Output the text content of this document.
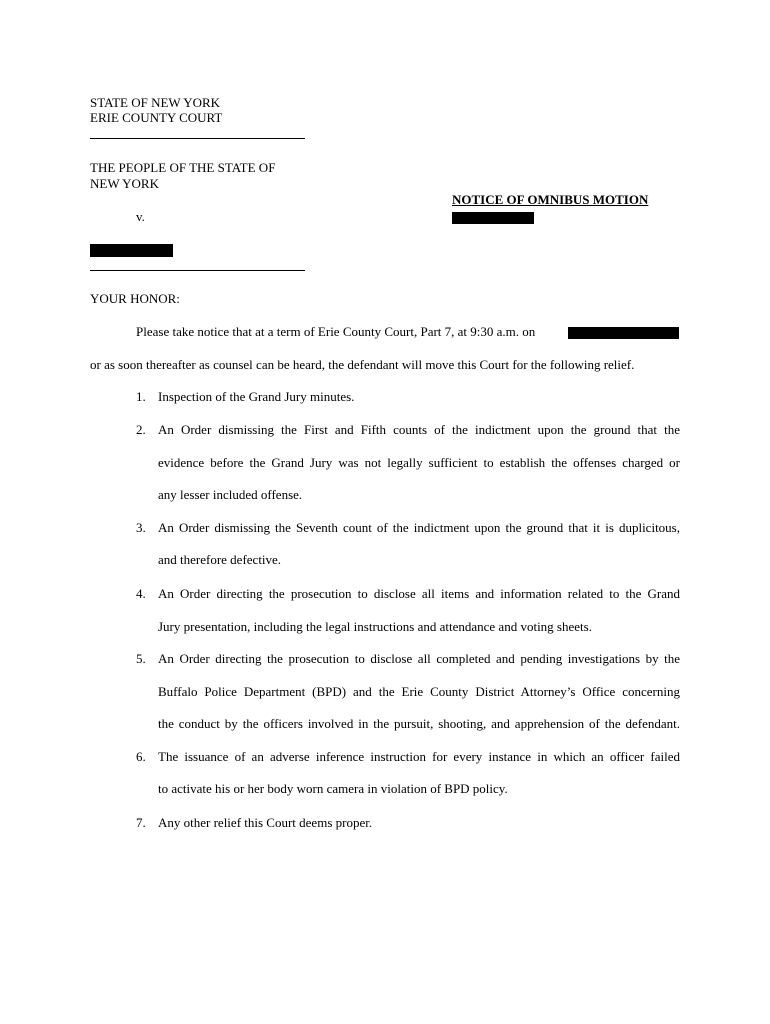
STATE OF NEW YORK
ERIE COUNTY COURT
THE PEOPLE OF THE STATE OF
NEW YORK
v.
NOTICE OF OMNIBUS MOTION
YOUR HONOR:
Please take notice that at a term of Erie County Court, Part 7, at 9:30 a.m. on
or as soon thereafter as counsel can be heard, the defendant will move this Court for the following relief.
1. Inspection of the Grand Jury minutes.
2. An Order dismissing the First and Fifth counts of the indictment upon the ground that the
evidence before the Grand Jury was not legally sufficient to establish the offenses charged or
any lesser included offense.
3. An Order dismissing the Seventh count of the indictment upon the ground that it is duplicitous,
and therefore defective.
4. An Order directing the prosecution to disclose all items and information related to the Grand
Jury presentation, including the legal instructions and attendance and voting sheets.
5. An Order directing the prosecution to disclose all completed and pending investigations by the
Buffalo Police Department (BPD) and the Erie County District Attorney’s Office concerning
the conduct by the officers involved in the pursuit, shooting, and apprehension of the defendant.
6. The issuance of an adverse inference instruction for every instance in which an officer failed
to activate his or her body worn camera in violation of BPD policy.
7. Any other relief this Court deems proper.
